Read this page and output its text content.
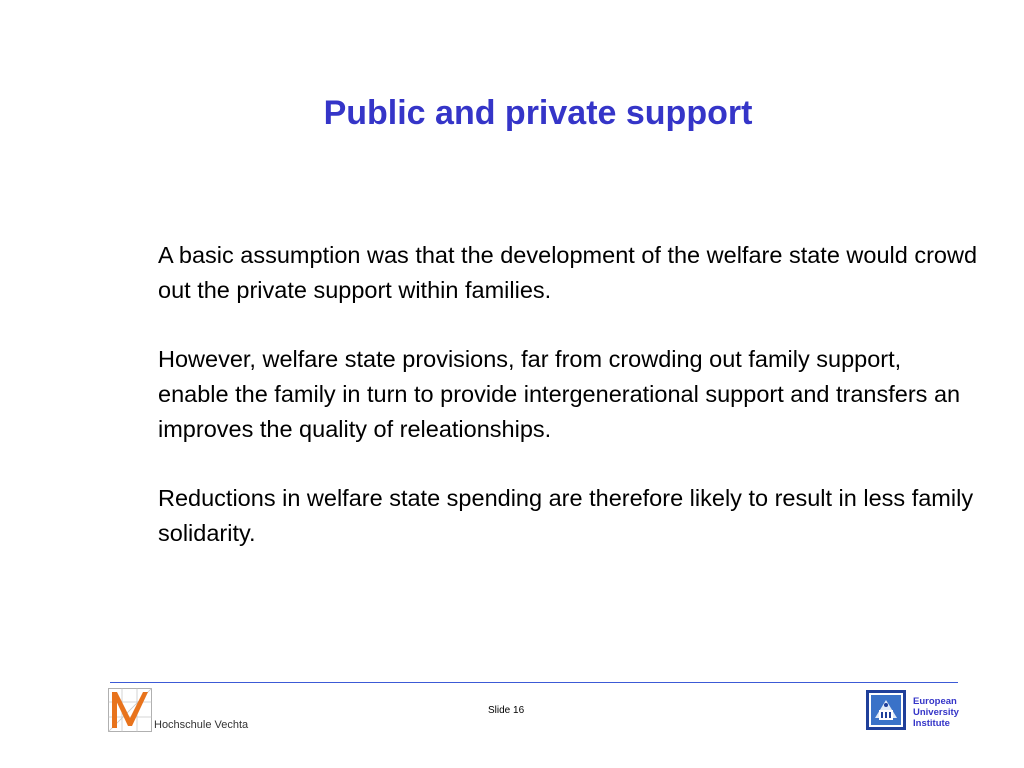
Public and private support

A basic assumption was that the development of the welfare state would crowd out the private support within families.

However, welfare state provisions, far from crowding out family support, enable the family in turn to provide intergenerational support and transfers an improves the quality of releationships.

Reductions in welfare state spending are therefore likely to result in less family solidarity.

Hochschule Vechta
Slide 16
European
University
Institute
